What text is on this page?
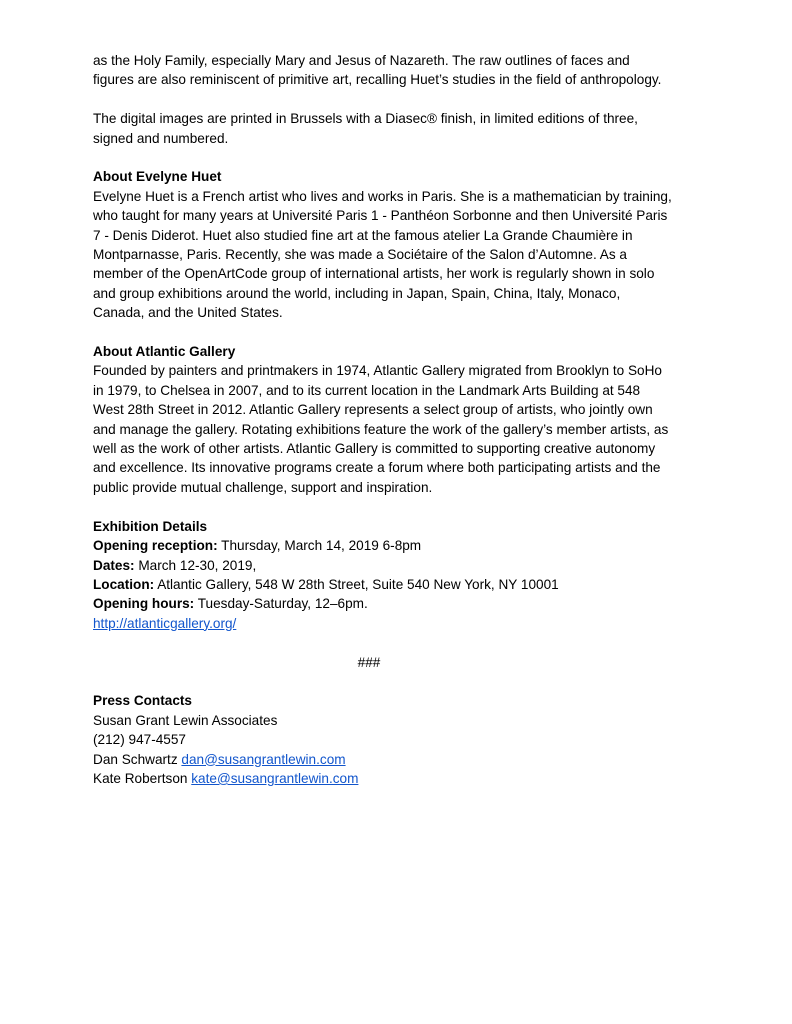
as the Holy Family, especially Mary and Jesus of Nazareth. The raw outlines of faces and
figures are also reminiscent of primitive art, recalling Huet’s studies in the field of anthropology.

The digital images are printed in Brussels with a Diasec® finish, in limited editions of three,
signed and numbered.

About Evelyne Huet

Evelyne Huet is a French artist who lives and works in Paris. She is a mathematician by training,
who taught for many years at Université Paris 1 - Panthéon Sorbonne and then Université Paris
7 - Denis Diderot. Huet also studied fine art at the famous atelier La Grande Chaumière in
Montparnasse, Paris. Recently, she was made a Sociétaire of the Salon d’Automne. As a
member of the OpenArtCode group of international artists, her work is regularly shown in solo
and group exhibitions around the world, including in Japan, Spain, China, Italy, Monaco,
Canada, and the United States.

About Atlantic Gallery

Founded by painters and printmakers in 1974, Atlantic Gallery migrated from Brooklyn to SoHo
in 1979, to Chelsea in 2007, and to its current location in the Landmark Arts Building at 548
West 28th Street in 2012. Atlantic Gallery represents a select group of artists, who jointly own
and manage the gallery. Rotating exhibitions feature the work of the gallery’s member artists, as
well as the work of other artists. Atlantic Gallery is committed to supporting creative autonomy
and excellence. Its innovative programs create a forum where both participating artists and the
public provide mutual challenge, support and inspiration.

Exhibition Details

Opening reception: Thursday, March 14, 2019 6-8pm
Dates: March 12-30, 2019,
Location: Atlantic Gallery, 548 W 28th Street, Suite 540 New York, NY 10001
Opening hours: Tuesday-Saturday, 12–6pm.
http://atlanticgallery.org/

###

Press Contacts

Susan Grant Lewin Associates

(212) 947-4557

Dan Schwartz dan@susangrantlewin.com
Kate Robertson kate@susangrantlewin.com
